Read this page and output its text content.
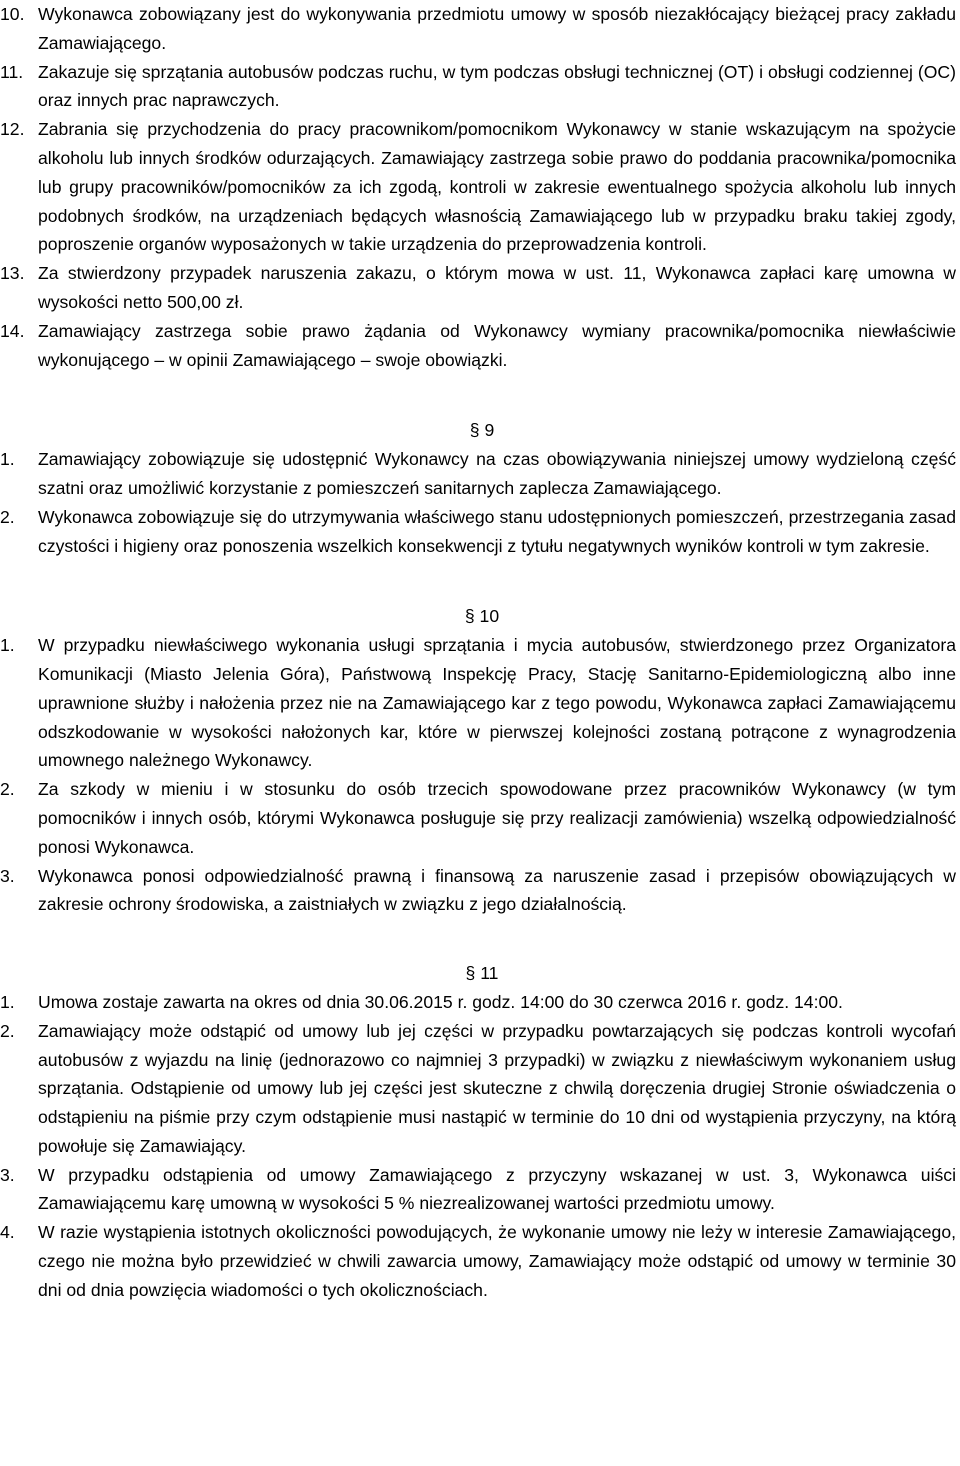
10. Wykonawca zobowiązany jest do wykonywania przedmiotu umowy w sposób niezakłócający bieżącej pracy zakładu Zamawiającego.
11. Zakazuje się sprzątania autobusów podczas ruchu, w tym podczas obsługi technicznej (OT) i obsługi codziennej (OC) oraz innych prac naprawczych.
12. Zabrania się przychodzenia do pracy pracownikom/pomocnikom Wykonawcy w stanie wskazującym na spożycie alkoholu lub innych środków odurzających. Zamawiający zastrzega sobie prawo do poddania pracownika/pomocnika lub grupy pracowników/pomocników za ich zgodą, kontroli w zakresie ewentualnego spożycia alkoholu lub innych podobnych środków, na urządzeniach będących własnością Zamawiającego lub w przypadku braku takiej zgody, poproszenie organów wyposażonych w takie urządzenia do przeprowadzenia kontroli.
13. Za stwierdzony przypadek naruszenia zakazu, o którym mowa w ust. 11, Wykonawca zapłaci karę umowna w wysokości netto 500,00 zł.
14. Zamawiający zastrzega sobie prawo żądania od Wykonawcy wymiany pracownika/pomocnika niewłaściwie wykonującego – w opinii Zamawiającego – swoje obowiązki.
§ 9
1.	Zamawiający zobowiązuje się udostępnić Wykonawcy na czas obowiązywania niniejszej umowy wydzieloną część szatni oraz umożliwić korzystanie z pomieszczeń sanitarnych zaplecza Zamawiającego.
2.	Wykonawca zobowiązuje się do utrzymywania właściwego stanu udostępnionych pomieszczeń, przestrzegania zasad czystości i higieny oraz ponoszenia wszelkich konsekwencji z tytułu negatywnych wyników kontroli w tym zakresie.
§ 10
1.	W przypadku niewłaściwego wykonania usługi sprzątania i mycia autobusów, stwierdzonego przez Organizatora Komunikacji (Miasto Jelenia Góra), Państwową Inspekcję Pracy, Stację Sanitarno-Epidemiologiczną albo inne uprawnione służby i nałożenia przez nie na Zamawiającego kar z tego powodu, Wykonawca zapłaci Zamawiającemu odszkodowanie w wysokości nałożonych kar, które w pierwszej kolejności zostaną potrącone z wynagrodzenia umownego należnego Wykonawcy.
2.	Za szkody w mieniu i w stosunku do osób trzecich spowodowane przez pracowników Wykonawcy (w tym pomocników i innych osób, którymi Wykonawca posługuje się przy realizacji zamówienia) wszelką odpowiedzialność ponosi Wykonawca.
3.	Wykonawca ponosi odpowiedzialność prawną i finansową za naruszenie zasad i przepisów obowiązujących w zakresie ochrony środowiska, a zaistniałych w związku z jego działalnością.
§ 11
1.	Umowa zostaje zawarta na okres od dnia 30.06.2015 r. godz. 14:00 do 30 czerwca 2016 r. godz. 14:00.
2.	Zamawiający może odstąpić od umowy lub jej części w przypadku powtarzających się podczas kontroli wycofań autobusów z wyjazdu na linię (jednorazowo co najmniej 3 przypadki) w związku z niewłaściwym wykonaniem usług sprzątania. Odstąpienie od umowy lub jej części jest skuteczne z chwilą doręczenia drugiej Stronie oświadczenia o odstąpieniu na piśmie przy czym odstąpienie musi nastąpić w terminie do 10 dni od wystąpienia przyczyny, na którą powołuje się Zamawiający.
3.	W przypadku odstąpienia od umowy Zamawiającego z przyczyny wskazanej w ust. 3, Wykonawca uiści Zamawiającemu karę umowną w wysokości 5 % niezrealizowanej wartości przedmiotu umowy.
4.	W razie wystąpienia istotnych okoliczności powodujących, że wykonanie umowy nie leży w interesie Zamawiającego, czego nie można było przewidzieć w chwili zawarcia umowy, Zamawiający może odstąpić od umowy w terminie 30 dni od dnia powzięcia wiadomości o tych okolicznościach.
